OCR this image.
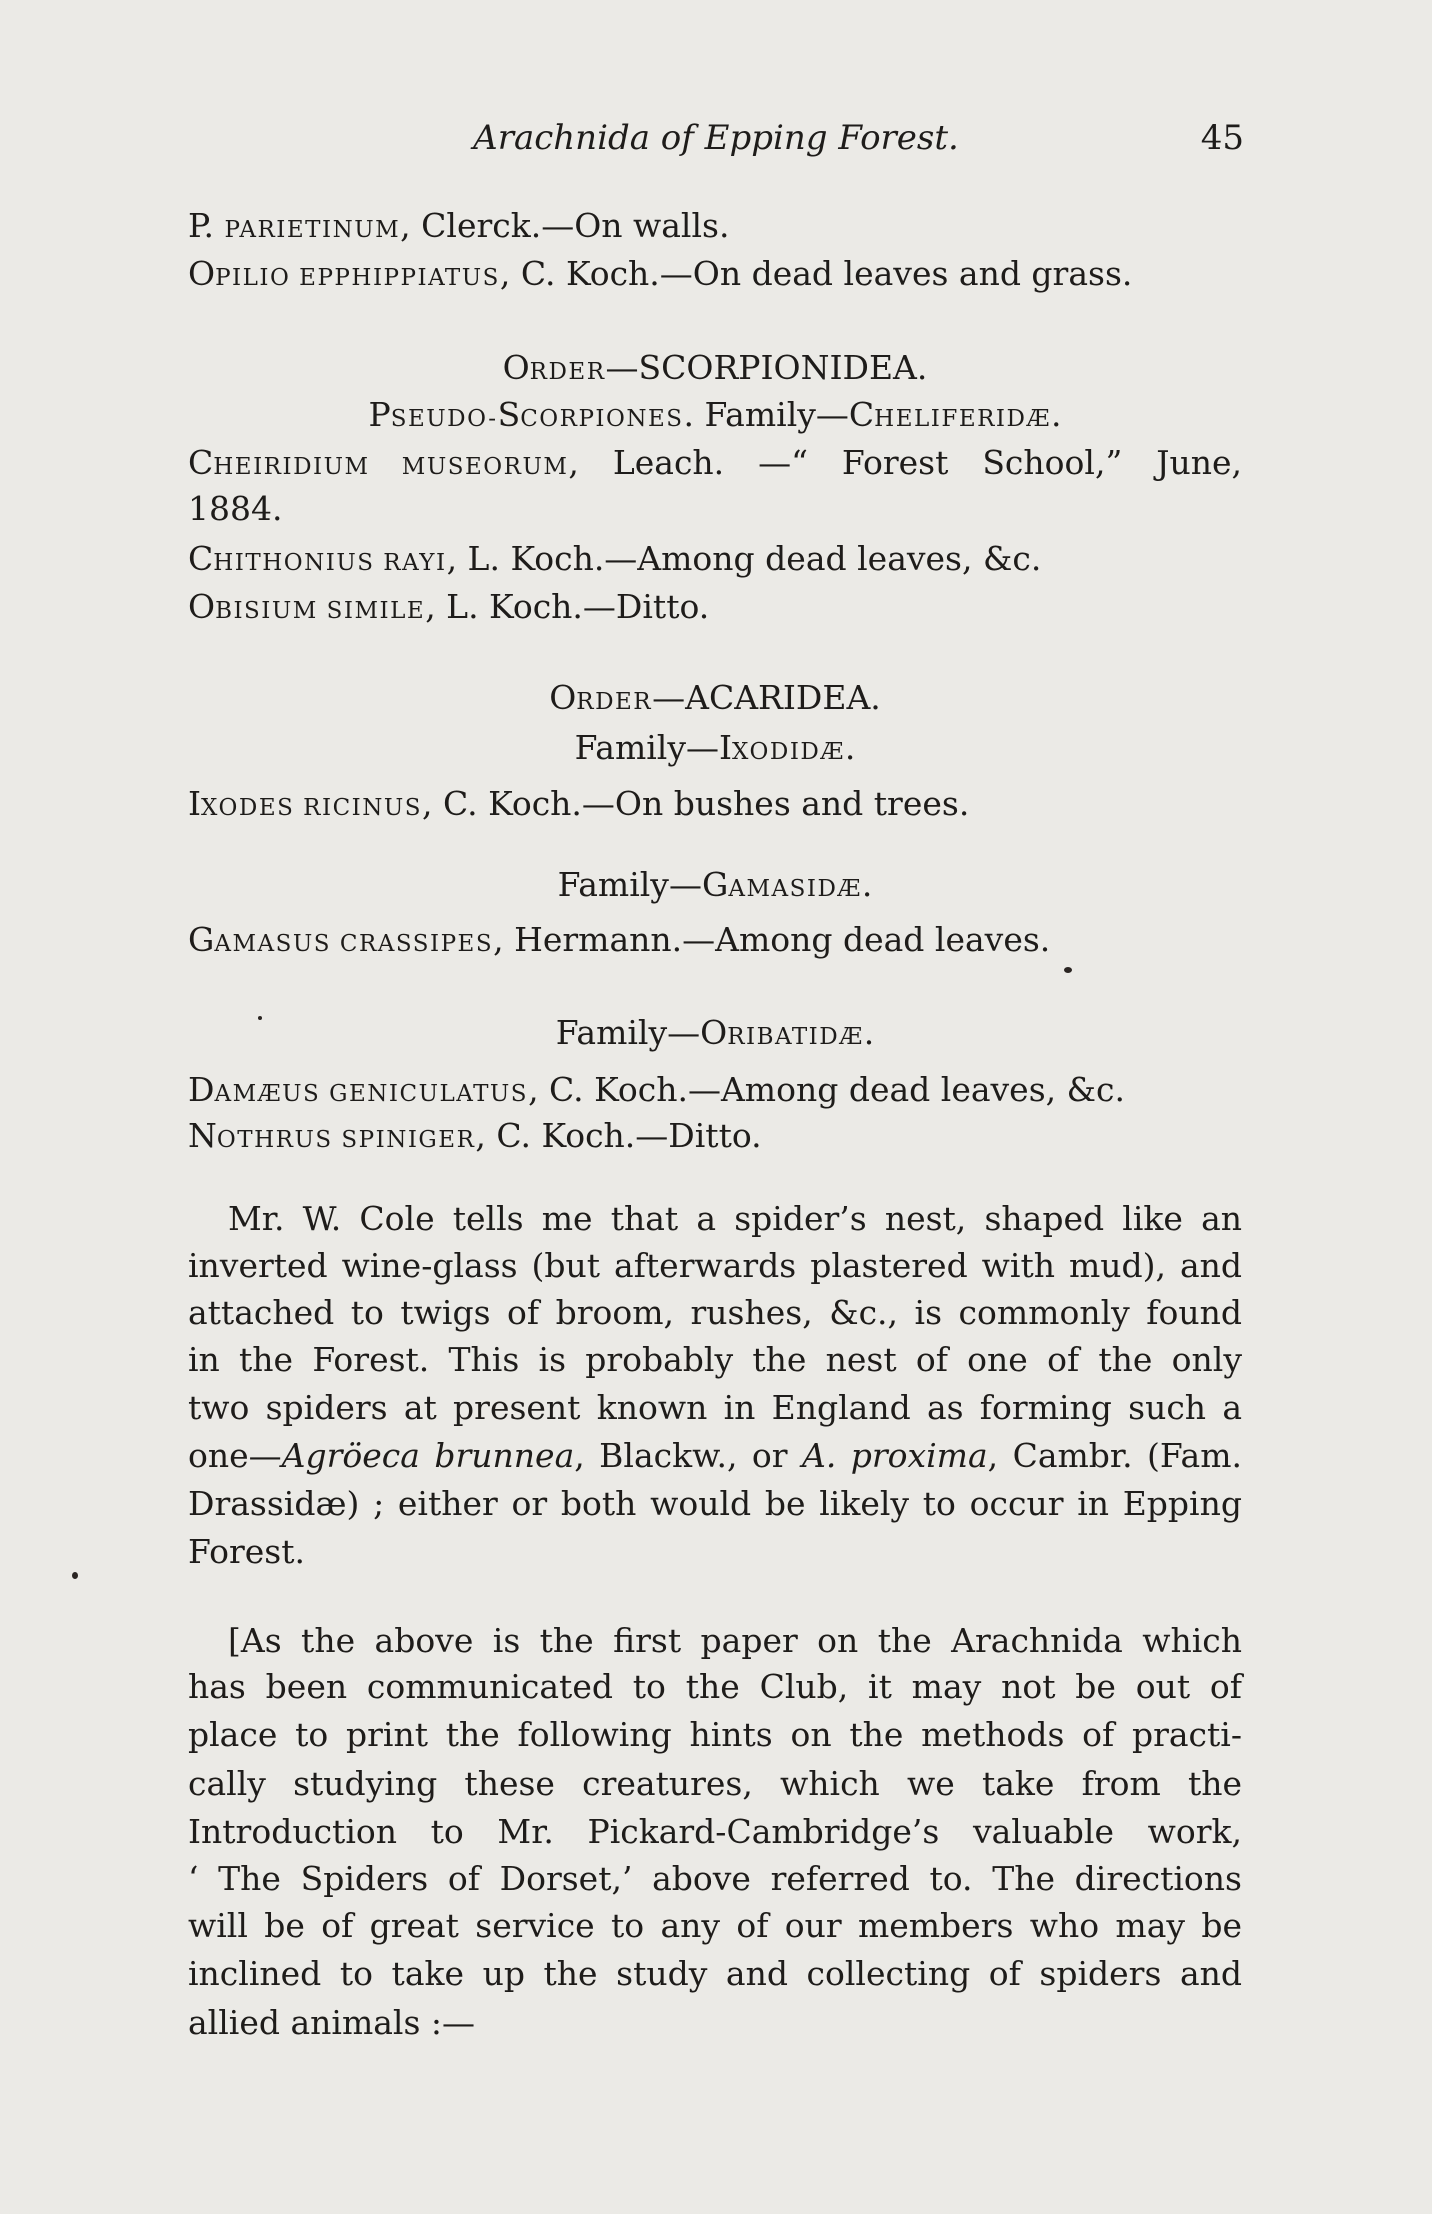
Arachnida of Epping Forest.	45
P. PARIETINUM, Clerck.—On walls.
OPILIO EPPHIPPIATUS, C. Koch.—On dead leaves and grass.
ORDER—SCORPIONIDEA.
PSEUDO-SCORPIONES. Family—CHELIFERIDÆ.
CHEIRIDIUM MUSEORUM, Leach. —“ Forest School,” June,
1884.
CHITHONIUS RAYI, L. Koch.—Among dead leaves, &c.
OBISIUM SIMILE, L. Koch.—Ditto.
ORDER—ACARIDEA.
Family—IXODIDÆ.
IXODES RICINUS, C. Koch.—On bushes and trees.
Family—GAMASIDÆ.
GAMASUS CRASSIPES, Hermann.—Among dead leaves.
Family—ORIBATIDÆ.
DAMÆUS GENICULATUS, C. Koch.—Among dead leaves, &c.
NOTHRUS SPINIGER, C. Koch.—Ditto.
Mr. W. Cole tells me that a spider’s nest, shaped like an
inverted wine-glass (but afterwards plastered with mud), and
attached to twigs of broom, rushes, &c., is commonly found
in the Forest. This is probably the nest of one of the only
two spiders at present known in England as forming such a
one—Agröeca brunnea, Blackw., or A. proxima, Cambr. (Fam.
Drassidæ) ; either or both would be likely to occur in Epping
Forest.
[As the above is the first paper on the Arachnida which
has been communicated to the Club, it may not be out of
place to print the following hints on the methods of practi-
cally studying these creatures, which we take from the
Introduction to Mr. Pickard-Cambridge’s valuable work,
‘ The Spiders of Dorset,’ above referred to. The directions
will be of great service to any of our members who may be
inclined to take up the study and collecting of spiders and
allied animals :—
